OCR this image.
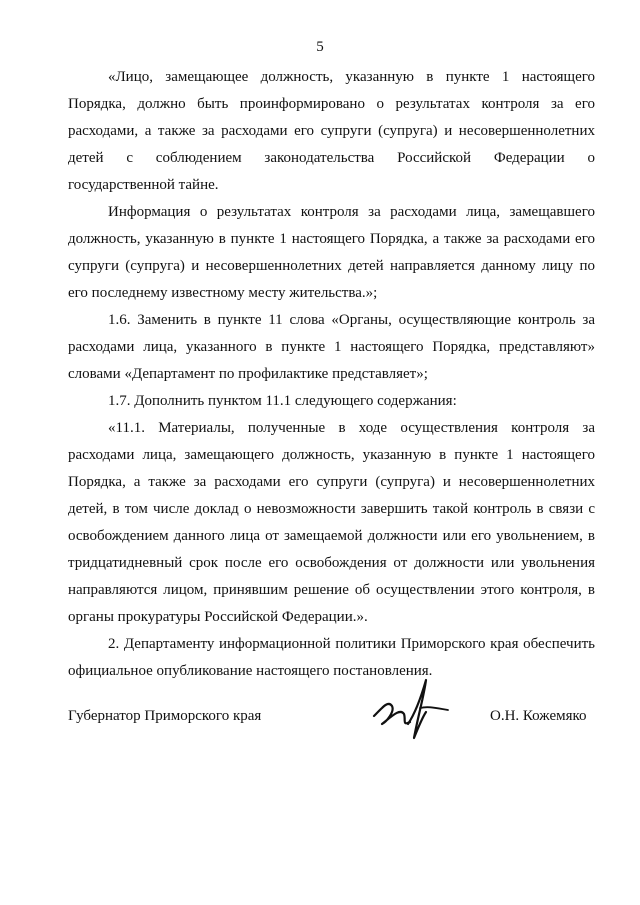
5
«Лицо, замещающее должность, указанную в пункте 1 настоящего
Порядка, должно быть проинформировано о результатах контроля за его
расходами, а также за расходами его супруги (супруга) и несовершеннолетних
детей с соблюдением законодательства Российской Федерации о
государственной тайне.
Информация о результатах контроля за расходами лица, замещавшего
должность, указанную в пункте 1 настоящего Порядка, а также за расходами его
супруги (супруга) и несовершеннолетних детей направляется данному лицу по
его последнему известному месту жительства.»;
1.6. Заменить в пункте 11 слова «Органы, осуществляющие контроль за
расходами лица, указанного в пункте 1 настоящего Порядка, представляют»
словами «Департамент по профилактике представляет»;
1.7. Дополнить пунктом 11.1 следующего содержания:
«11.1. Материалы, полученные в ходе осуществления контроля за
расходами лица, замещающего должность, указанную в пункте 1 настоящего
Порядка, а также за расходами его супруги (супруга) и несовершеннолетних
детей, в том числе доклад о невозможности завершить такой контроль в связи с
освобождением данного лица от замещаемой должности или его увольнением, в
тридцатидневный срок после его освобождения от должности или увольнения
направляются лицом, принявшим решение об осуществлении этого контроля, в
органы прокуратуры Российской Федерации.».
2. Департаменту информационной политики Приморского края обеспечить
официальное опубликование настоящего постановления.
Губернатор Приморского края	О.Н. Кожемяко
